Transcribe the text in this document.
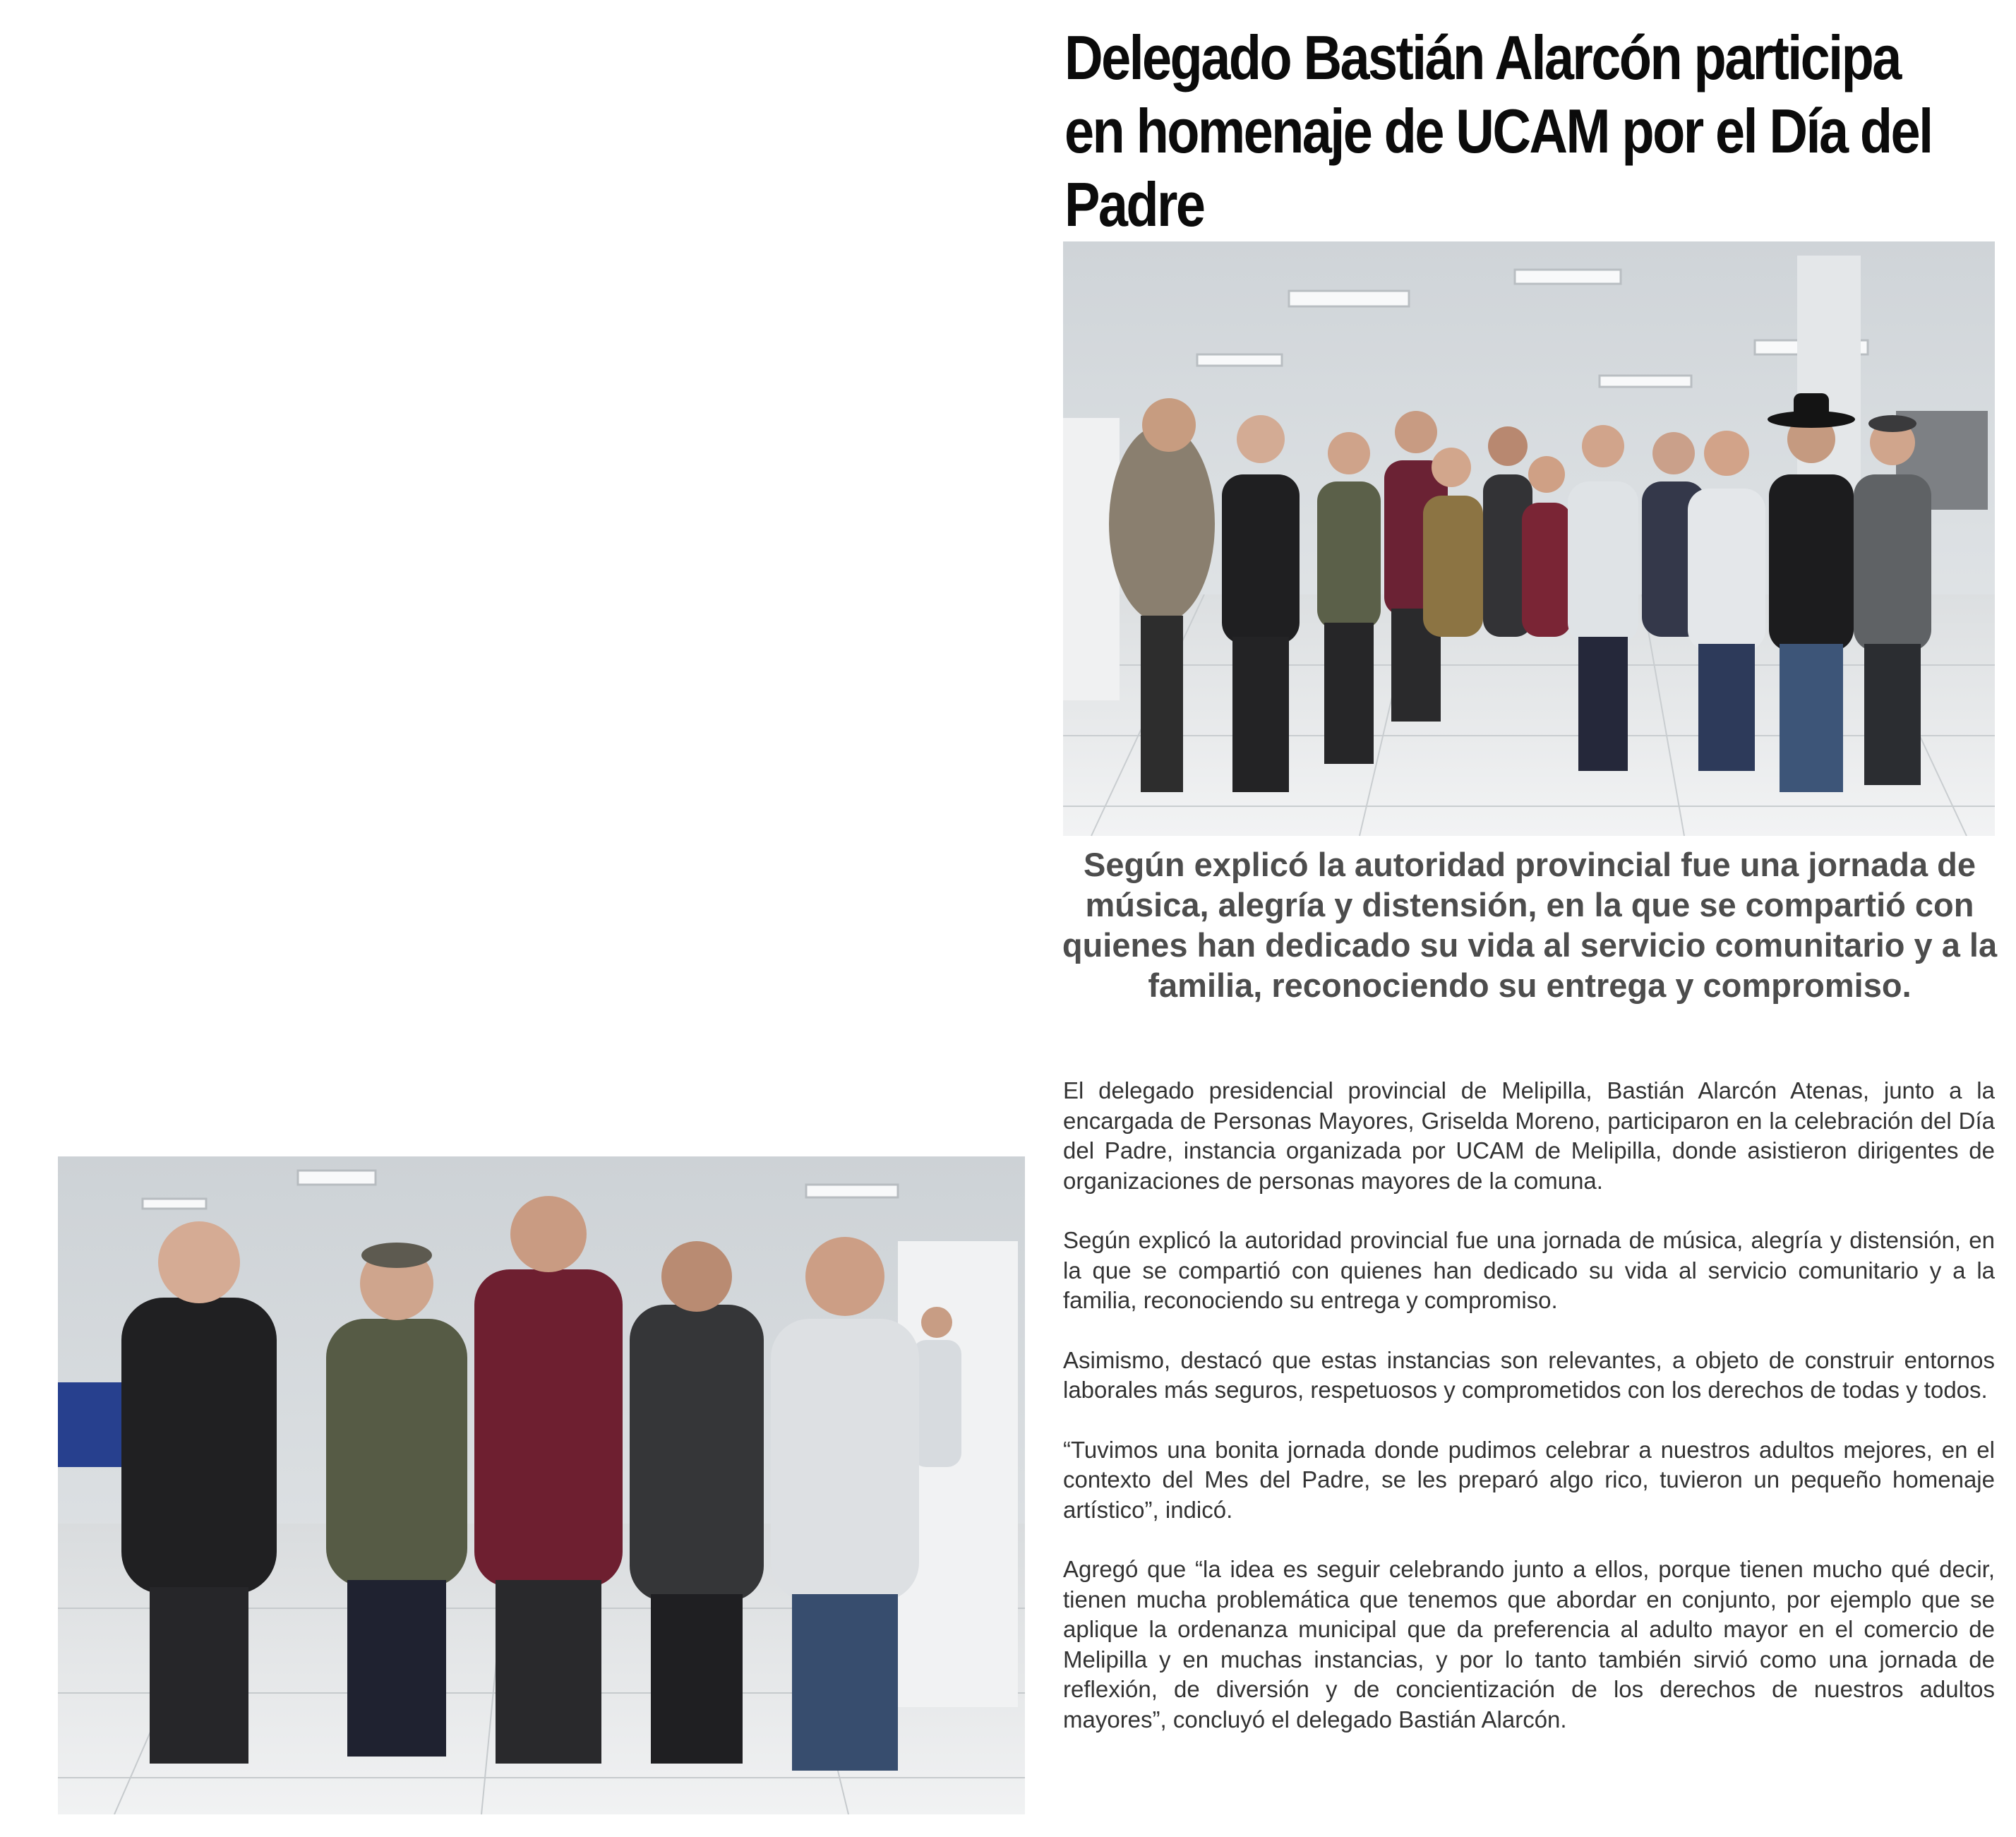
Delegado Bastián Alarcón participa
en homenaje de UCAM por el Día del
Padre

Según explicó la autoridad provincial fue una jornada de música, alegría y distensión, en la que se compartió con quienes han dedicado su vida al servicio comunitario y a la familia, reconociendo su entrega y compromiso.

El delegado presidencial provincial de Melipilla, Bastián Alarcón Atenas, junto a la encargada de Personas Mayores, Griselda Moreno, participaron en la celebración del Día del Padre, instancia organizada por UCAM de Melipilla, donde asistieron dirigentes de organizaciones de personas mayores de la comuna.

Según explicó la autoridad provincial fue una jornada de música, alegría y distensión, en la que se compartió con quienes han dedicado su vida al servicio comunitario y a la familia, reconociendo su entrega y compromiso.

Asimismo, destacó que estas instancias son relevantes, a objeto de construir entornos laborales más seguros, respetuosos y comprometidos con los derechos de todas y todos.

“Tuvimos una bonita jornada donde pudimos celebrar a nuestros adultos mejores, en el contexto del Mes del Padre, se les preparó algo rico, tuvieron un pequeño homenaje artístico”, indicó.

Agregó que “la idea es seguir celebrando junto a ellos, porque tienen mucho qué decir, tienen mucha problemática que tenemos que abordar en conjunto, por ejemplo que se aplique la ordenanza municipal que da preferencia al adulto mayor en el comercio de Melipilla y en muchas instancias, y por lo tanto también sirvió como una jornada de reflexión, de diversión y de concientización de los derechos de nuestros adultos mayores”, concluyó el delegado Bastián Alarcón.
